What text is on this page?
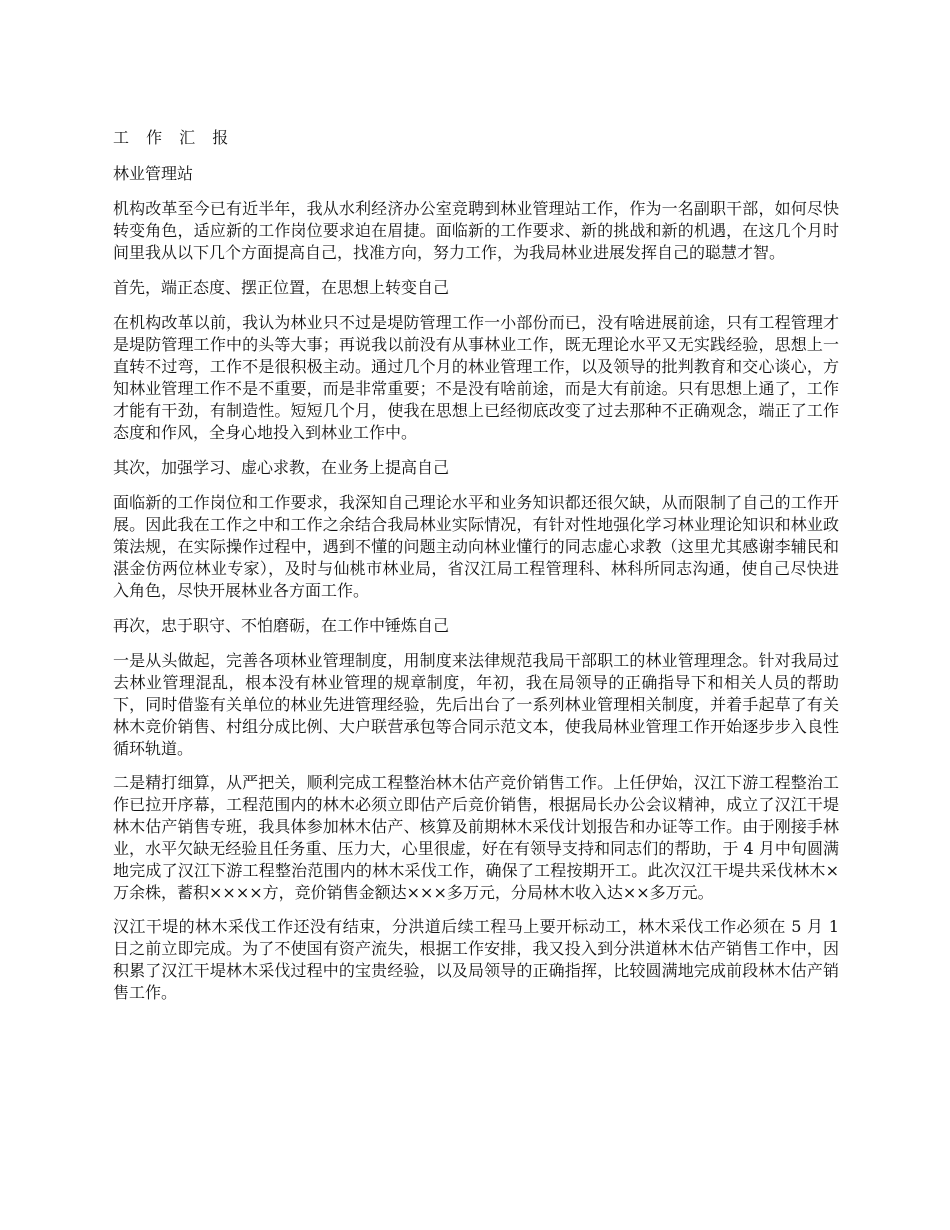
工 作 汇 报
林业管理站
机构改革至今已有近半年，我从水利经济办公室竞聘到林业管理站工作，作为一名副职干部，如何尽快转变角色，适应新的工作岗位要求迫在眉捷。面临新的工作要求、新的挑战和新的机遇，在这几个月时间里我从以下几个方面提高自己，找准方向，努力工作，为我局林业进展发挥自己的聪慧才智。
首先，端正态度、摆正位置，在思想上转变自己
在机构改革以前，我认为林业只不过是堤防管理工作一小部份而已，没有啥进展前途，只有工程管理才是堤防管理工作中的头等大事；再说我以前没有从事林业工作，既无理论水平又无实践经验，思想上一直转不过弯，工作不是很积极主动。通过几个月的林业管理工作，以及领导的批判教育和交心谈心，方知林业管理工作不是不重要，而是非常重要；不是没有啥前途，而是大有前途。只有思想上通了，工作才能有干劲，有制造性。短短几个月，使我在思想上已经彻底改变了过去那种不正确观念，端正了工作态度和作风，全身心地投入到林业工作中。
其次，加强学习、虚心求教，在业务上提高自己
面临新的工作岗位和工作要求，我深知自己理论水平和业务知识都还很欠缺，从而限制了自己的工作开展。因此我在工作之中和工作之余结合我局林业实际情况，有针对性地强化学习林业理论知识和林业政策法规，在实际操作过程中，遇到不懂的问题主动向林业懂行的同志虚心求教（这里尤其感谢李辅民和湛金仿两位林业专家），及时与仙桃市林业局，省汉江局工程管理科、林科所同志沟通，使自己尽快进入角色，尽快开展林业各方面工作。
再次，忠于职守、不怕磨砺，在工作中锤炼自己
一是从头做起，完善各项林业管理制度，用制度来法律规范我局干部职工的林业管理理念。针对我局过去林业管理混乱，根本没有林业管理的规章制度，年初，我在局领导的正确指导下和相关人员的帮助下，同时借鉴有关单位的林业先进管理经验，先后出台了一系列林业管理相关制度，并着手起草了有关林木竞价销售、村组分成比例、大户联营承包等合同示范文本，使我局林业管理工作开始逐步步入良性循环轨道。
二是精打细算，从严把关，顺利完成工程整治林木估产竞价销售工作。上任伊始，汉江下游工程整治工作已拉开序幕，工程范围内的林木必须立即估产后竞价销售，根据局长办公会议精神，成立了汉江干堤林木估产销售专班，我具体参加林木估产、核算及前期林木采伐计划报告和办证等工作。由于刚接手林业，水平欠缺无经验且任务重、压力大，心里很虚，好在有领导支持和同志们的帮助，于 4 月中旬圆满地完成了汉江下游工程整治范围内的林木采伐工作，确保了工程按期开工。此次汉江干堤共采伐林木×万余株，蓄积××××方，竞价销售金额达×××多万元，分局林木收入达××多万元。
汉江干堤的林木采伐工作还没有结束，分洪道后续工程马上要开标动工，林木采伐工作必须在 5 月 1 日之前立即完成。为了不使国有资产流失，根据工作安排，我又投入到分洪道林木估产销售工作中，因积累了汉江干堤林木采伐过程中的宝贵经验，以及局领导的正确指挥，比较圆满地完成前段林木估产销售工作。
